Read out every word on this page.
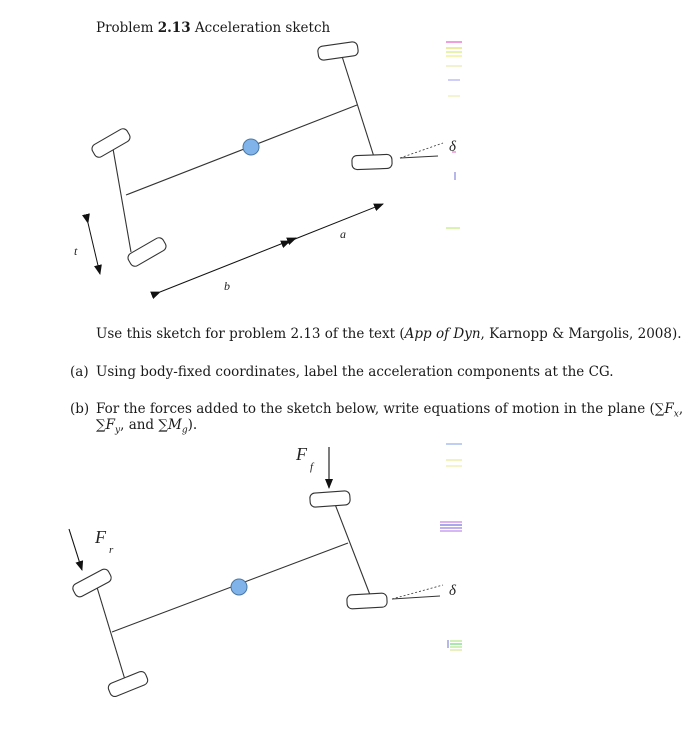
Problem 2.13 Acceleration sketch
δ
t
a
b
δ
F
f
F
r
Use this sketch for problem 2.13 of the text (App of Dyn, Karnopp & Margolis, 2008).
(a) Using body-fixed coordinates, label the acceleration components at the CG.
(b) For the forces added to the sketch below, write equations of motion in the plane ($\sum F_x$,
$\sum F_y$, and $\sum M_g$).
